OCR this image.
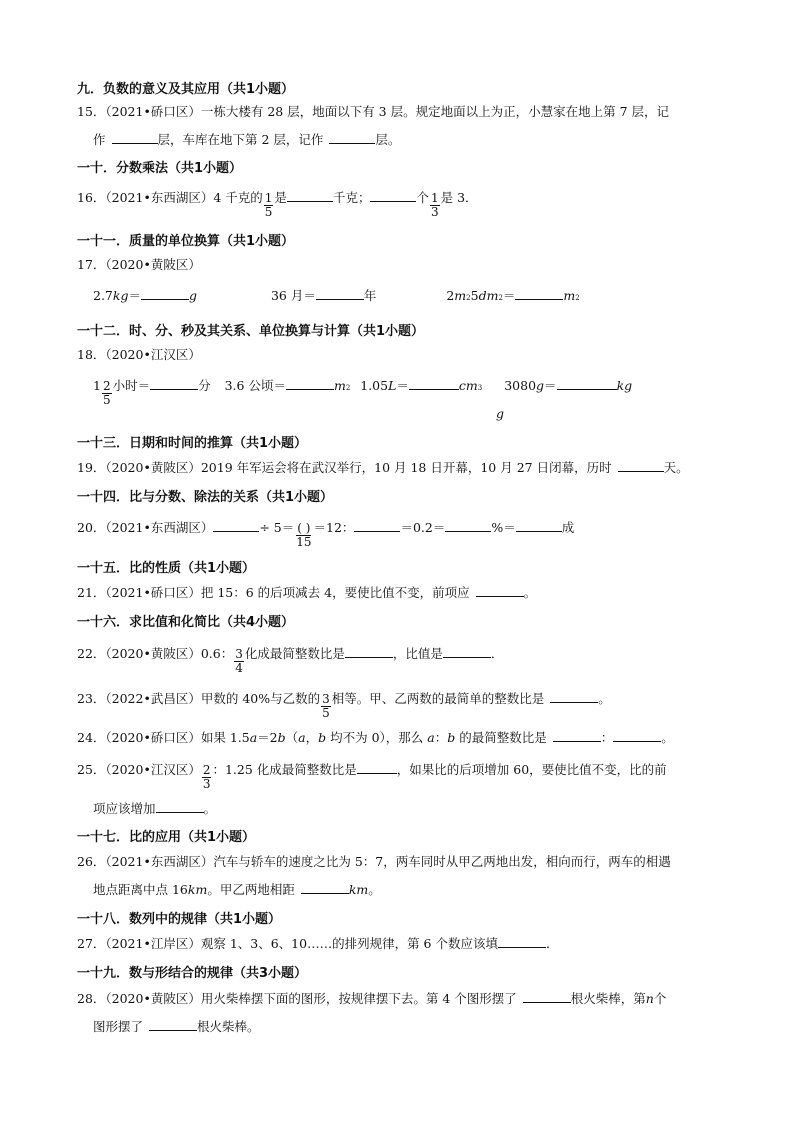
九．负数的意义及其应用（共1小题）
15．（2021•硚口区）一栋大楼有 28 层，地面以下有 3 层。规定地面以上为正，小慧家在地上第 7 层，记
作	层，车库在地下第 2 层，记作	层。
一十．分数乘法（共1小题）
16．（2021•东西湖区）4 千克的 $\frac{1}{5}$ 是	千克；	个 $\frac{1}{3}$ 是 3．
一十一．质量的单位换算（共1小题）
17．（2020•黄陂区）
2.7kg＝	g	36 月＝	年	2m25dm2＝	m2
一十二．时、分、秒及其关系、单位换算与计算（共1小题）
18．（2020•江汉区）
$1 \frac{2}{5}$ 小时＝	分 3.6 公顷＝	m2 1.05L＝	cm3 3080g＝	kg
g
一十三．日期和时间的推算（共1小题）
19．（2020•黄陂区）2019 年军运会将在武汉举行，10 月 18 日开幕，10 月 27 日闭幕，历时	天。
一十四．比与分数、除法的关系（共1小题）
20．（2021•东西湖区）	÷ $5= \frac{( )}{15} =12$：	＝0.2＝	%＝	成
一十五．比的性质（共1小题）
21．（2021•硚口区）把 15：6 的后项减去 4，要使比值不变，前项应	。
一十六．求比值和化简比（共4小题）
22．（2020•黄陂区）0.6： $\frac{3}{4}$ 化成最简整数比是	，比值是	．
23．（2022•武昌区）甲数的 40%与乙数的 $\frac{3}{5}$ 相等。甲、乙两数的最简单的整数比是	。
24．（2020•硚口区）如果 1.5a＝2b（a，b 均不为 0），那么 a：b 的最简整数比是	：	。
25．（2020•江汉区） $\frac{2}{3}$ ：1.25 化成最简整数比是	，如果比的后项增加 60，要使比值不变，比的前
项应该增加	。
一十七．比的应用（共1小题）
26．（2021•东西湖区）汽车与轿车的速度之比为 5：7，两车同时从甲乙两地出发，相向而行，两车的相遇
地点距离中点 16km。甲乙两地相距	km。
一十八．数列中的规律（共1小题）
27．（2021•江岸区）观察 1、3、6、10……的排列规律，第 6 个数应该填	．
一十九．数与形结合的规律（共3小题）
28．（2020•黄陂区）用火柴棒摆下面的图形，按规律摆下去。第 4 个图形摆了	根火柴棒，第n个
图形摆了	根火柴棒。
